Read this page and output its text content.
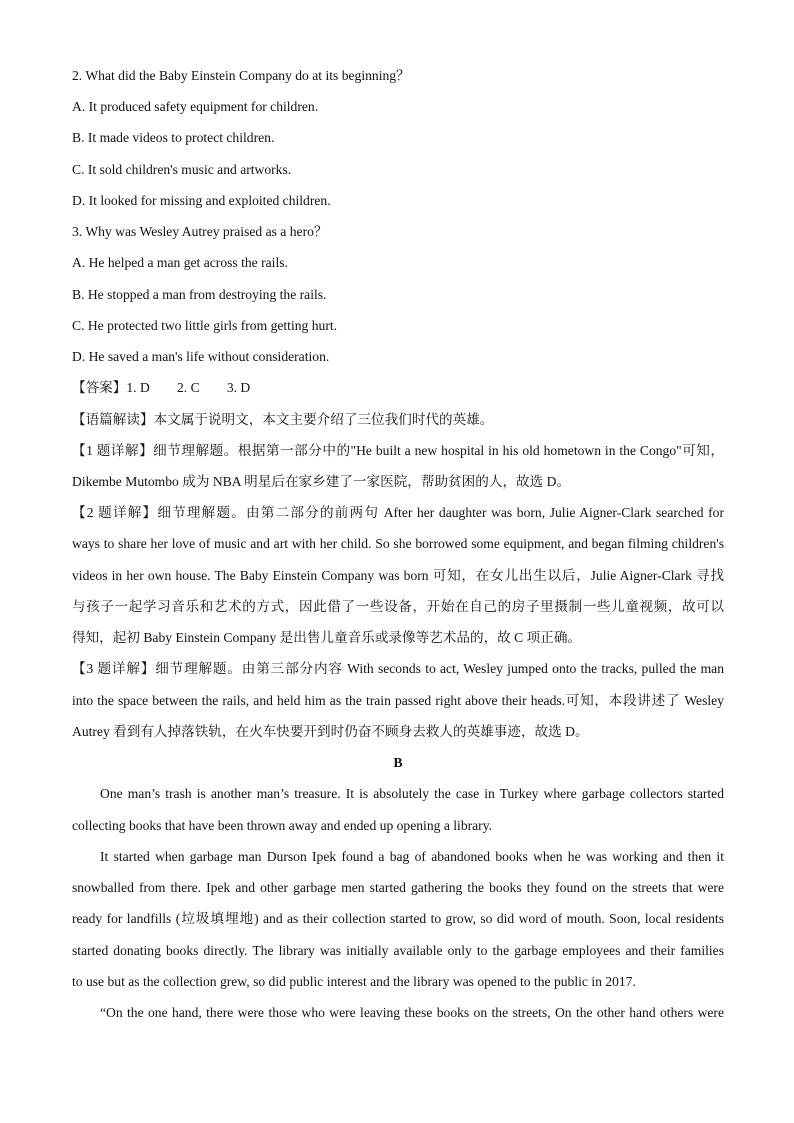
2. What did the Baby Einstein Company do at its beginning？
A. It produced safety equipment for children.
B. It made videos to protect children.
C. It sold children's music and artworks.
D. It looked for missing and exploited children.
3. Why was Wesley Autrey praised as a hero？
A. He helped a man get across the rails.
B. He stopped a man from destroying the rails.
C. He protected two little girls from getting hurt.
D. He saved a man's life without consideration.
【答案】1. D        2. C        3. D
【语篇解读】本文属于说明文，本文主要介绍了三位我们时代的英雄。
【1 题详解】细节理解题。根据第一部分中的"He built a new hospital in his old hometown in the Congo"可知，
Dikembe Mutombo 成为 NBA 明星后在家乡建了一家医院，帮助贫困的人，故选 D。
【2 题详解】细节理解题。由第二部分的前两句 After her daughter was born, Julie Aigner-Clark searched for
ways to share her love of music and art with her child. So she borrowed some equipment, and began filming children's
videos in her own house. The Baby Einstein Company was born 可知，在女儿出生以后，Julie Aigner-Clark 寻找
与孩子一起学习音乐和艺术的方式，因此借了一些设备，开始在自己的房子里摄制一些儿童视频，故可以
得知，起初 Baby Einstein Company 是出售儿童音乐或录像等艺术品的，故 C 项正确。
【3 题详解】细节理解题。由第三部分内容 With seconds to act, Wesley jumped onto the tracks, pulled the man
into the space between the rails, and held him as the train passed right above their heads.可知，本段讲述了 Wesley
Autrey 看到有人掉落铁轨，在火车快要开到时仍奋不顾身去救人的英雄事迹，故选 D。
B
One man’s trash is another man’s treasure. It is absolutely the case in Turkey where garbage collectors started
collecting books that have been thrown away and ended up opening a library.
It started when garbage man Durson Ipek found a bag of abandoned books when he was working and then it
snowballed from there. Ipek and other garbage men started gathering the books they found on the streets that were
ready for landfills (垃圾填埋地) and as their collection started to grow, so did word of mouth. Soon, local residents
started donating books directly. The library was initially available only to the garbage employees and their families
to use but as the collection grew, so did public interest and the library was opened to the public in 2017.
“On the one hand, there were those who were leaving these books on the streets, On the other hand others were
